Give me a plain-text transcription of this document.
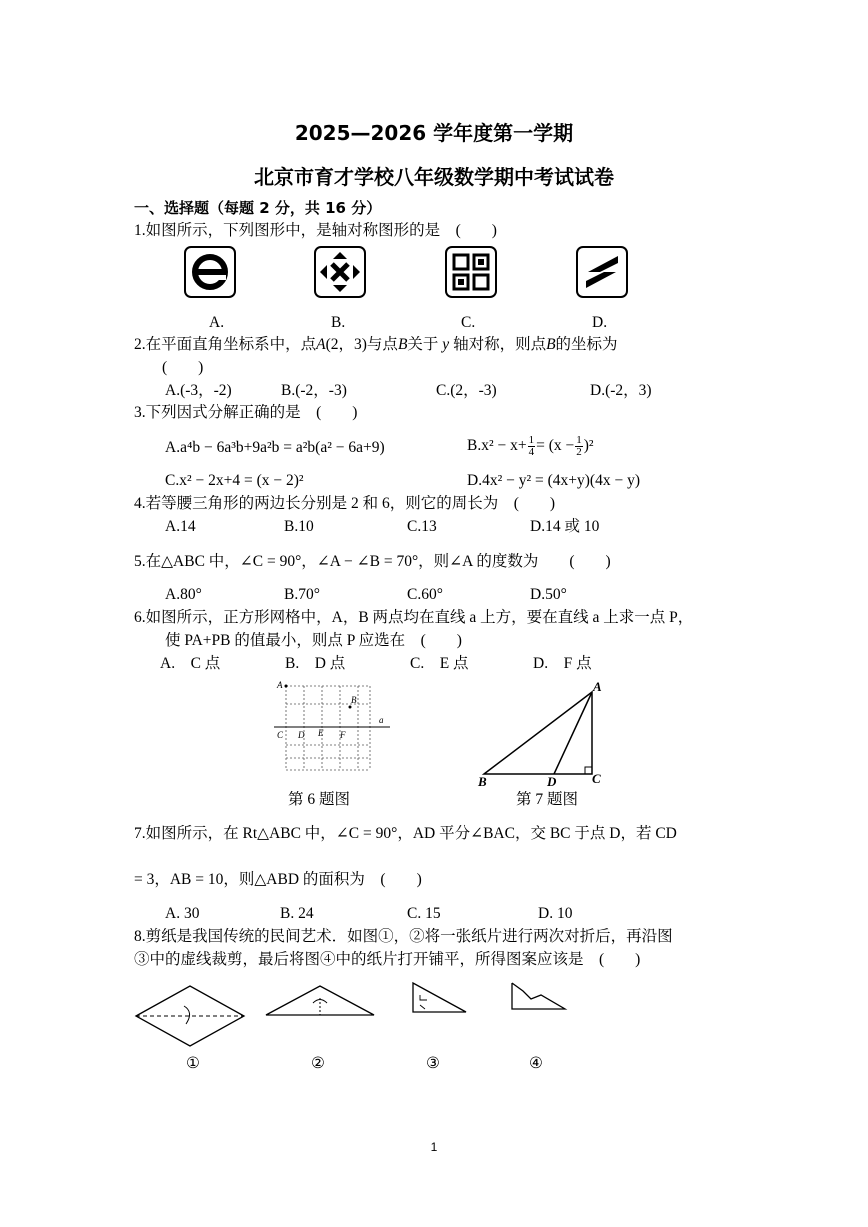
2025—2026 学年度第一学期
北京市育才学校八年级数学期中考试试卷
一、选择题（每题 2 分，共 16 分）
1.如图所示，下列图形中，是轴对称图形的是　(　　)
A.	B.	C.	D.
2.在平面直角坐标系中，点A(2，3)与点B关于 y 轴对称，则点B的坐标为
(　　)
A.(-3，-2)	B.(-2，-3)	C.(2，-3)	D.(-2，3)
3.下列因式分解正确的是　(　　)
A.a⁴b − 6a³b+9a²b = a²b(a² − 6a+9)	$B.x^2 - x+ \frac{1}{4} = (x - \frac{1}{2} )^2$
C.x² − 2x+4 = (x − 2)²	D.4x² − y² = (4x+y)(4x − y)
4.若等腰三角形的两边长分别是 2 和 6，则它的周长为　(　　)
A.14	B.10	C.13	D.14 或 10
5.在△ABC 中，∠C = 90°，∠A − ∠B = 70°，则∠A 的度数为　　(　　)
A.80°	B.70°	C.60°	D.50°
6.如图所示，正方形网格中，A，B 两点均在直线 a 上方，要在直线 a 上求一点 P，
使 PA+PB 的值最小，则点 P 应选在　(　　)
A.　C 点	B.　D 点	C.　E 点	D.　F 点
A
B
a
C D E F
第 6 题图
A
B	D	C
第 7 题图
7.如图所示，在 Rt△ABC 中，∠C = 90°，AD 平分∠BAC，交 BC 于点 D，若 CD
= 3，AB = 10，则△ABD 的面积为　(　　)
A. 30	B. 24	C. 15	D. 10
8.剪纸是我国传统的民间艺术．如图①，②将一张纸片进行两次对折后，再沿图
③中的虚线裁剪，最后将图④中的纸片打开铺平，所得图案应该是　(　　)
①	②	③	④
1
